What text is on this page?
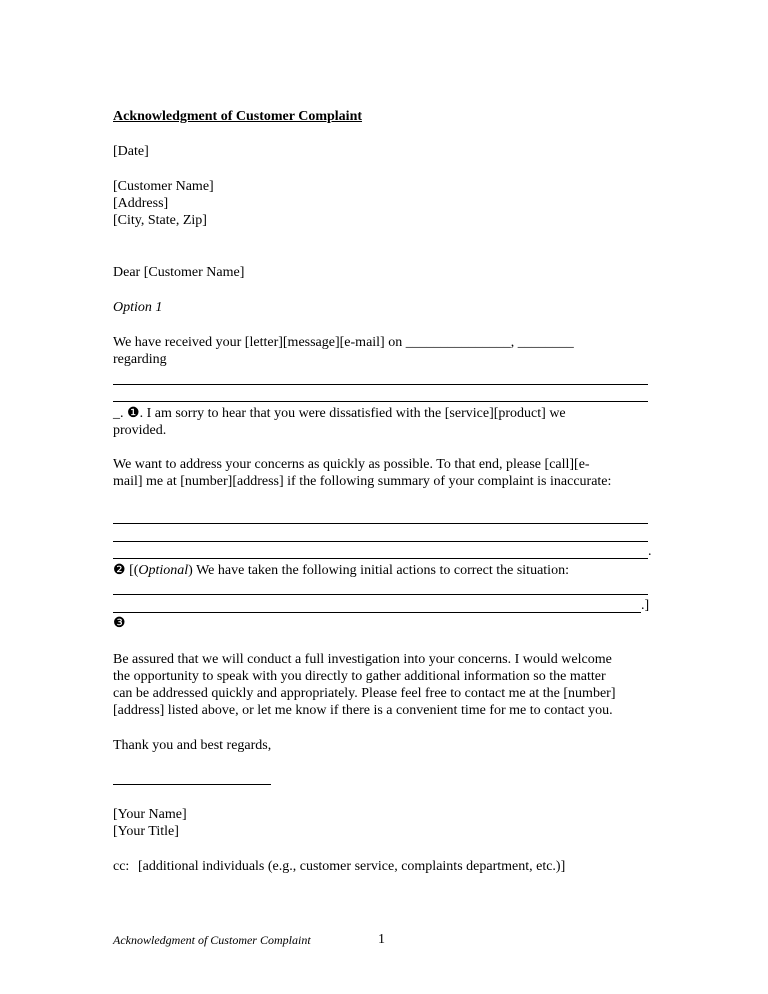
Acknowledgment of Customer Complaint
[Date]
[Customer Name]
[Address]
[City, State, Zip]
Dear [Customer Name]
Option 1
We have received your [letter][message][e-mail] on _______________, ________
regarding
_. ❶. I am sorry to hear that you were dissatisfied with the [service][product] we
provided.
We want to address your concerns as quickly as possible. To that end, please [call][e-
mail] me at [number][address] if the following summary of your complaint is inaccurate:
.
❷ [(Optional) We have taken the following initial actions to correct the situation:
.]
❸
Be assured that we will conduct a full investigation into your concerns. I would welcome
the opportunity to speak with you directly to gather additional information so the matter
can be addressed quickly and appropriately. Please feel free to contact me at the [number]
[address] listed above, or let me know if there is a convenient time for me to contact you.
Thank you and best regards,
[Your Name]
[Your Title]
cc: [additional individuals (e.g., customer service, complaints department, etc.)]
Acknowledgment of Customer Complaint	1
